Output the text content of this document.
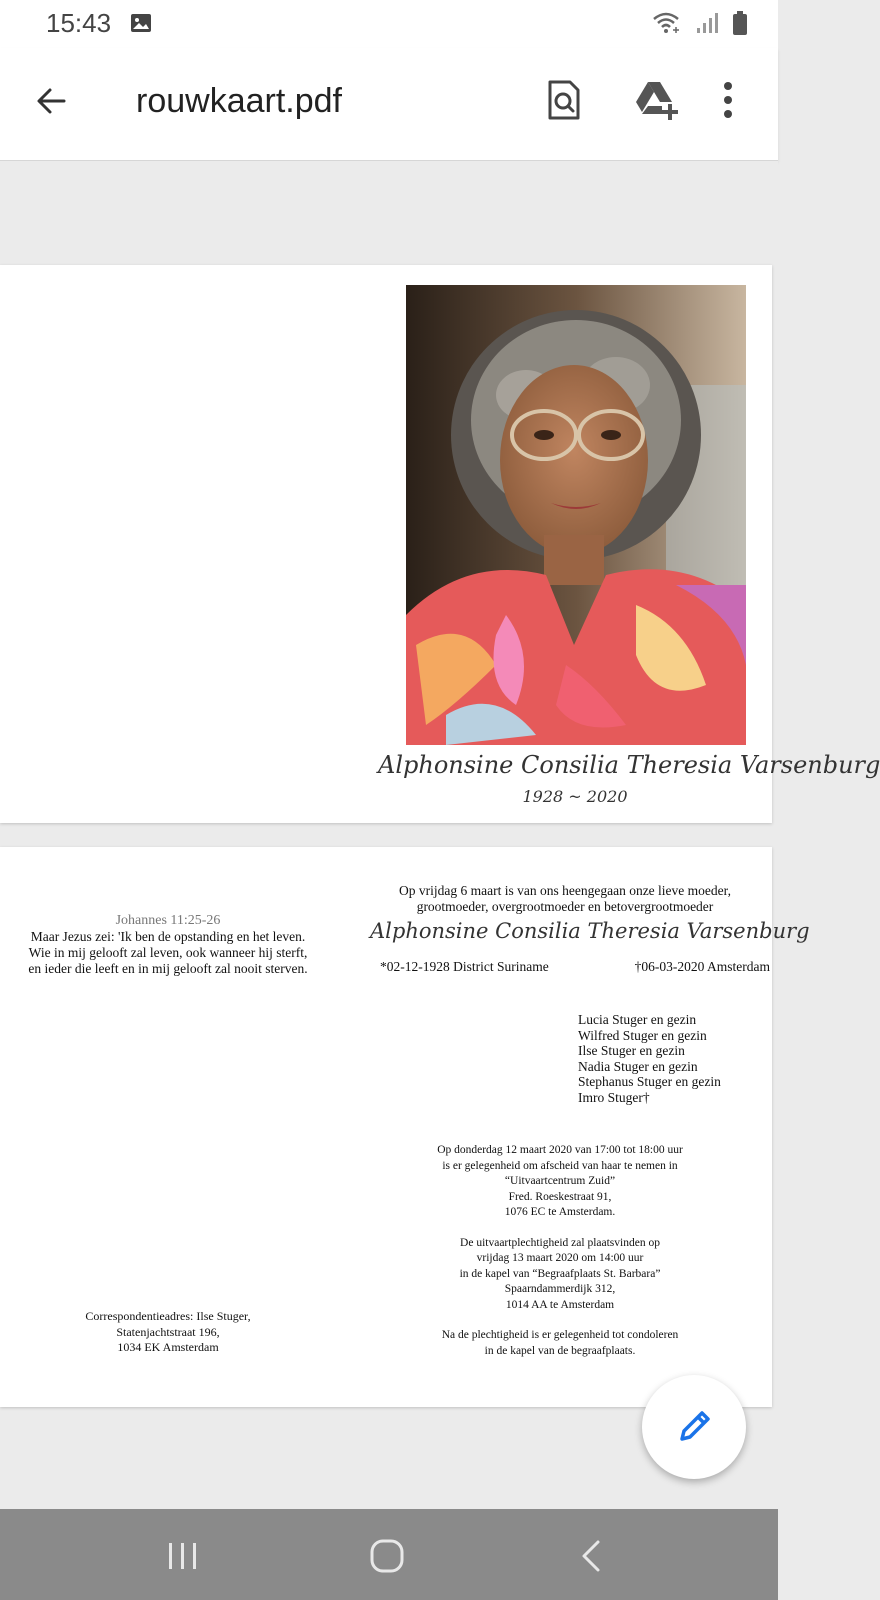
15:43
rouwkaart.pdf
Alphonsine Consilia Theresia Varsenburg
1928 ~ 2020
Johannes 11:25-26
Maar Jezus zei: 'Ik ben de opstanding en het leven.
Wie in mij gelooft zal leven, ook wanneer hij sterft,
en ieder die leeft en in mij gelooft zal nooit sterven.
Op vrijdag 6 maart is van ons heengegaan onze lieve moeder,
grootmoeder, overgrootmoeder en betovergrootmoeder
Alphonsine Consilia Theresia Varsenburg
*02-12-1928 District Suriname	†06-03-2020 Amsterdam
Lucia Stuger en gezin
Wilfred Stuger en gezin
Ilse Stuger en gezin
Nadia Stuger en gezin
Stephanus Stuger en gezin
Imro Stuger†

Op donderdag 12 maart 2020 van 17:00 tot 18:00 uur
is er gelegenheid om afscheid van haar te nemen in
“Uitvaartcentrum Zuid”
Fred. Roeskestraat 91,
1076 EC te Amsterdam.

De uitvaartplechtigheid zal plaatsvinden op
vrijdag 13 maart 2020 om 14:00 uur
in de kapel van “Begraafplaats St. Barbara”
Spaarndammerdijk 312,
1014 AA te Amsterdam

Na de plechtigheid is er gelegenheid tot condoleren
in de kapel van de begraafplaats.

Correspondentieadres: Ilse Stuger,
Statenjachtstraat 196,
1034 EK Amsterdam
